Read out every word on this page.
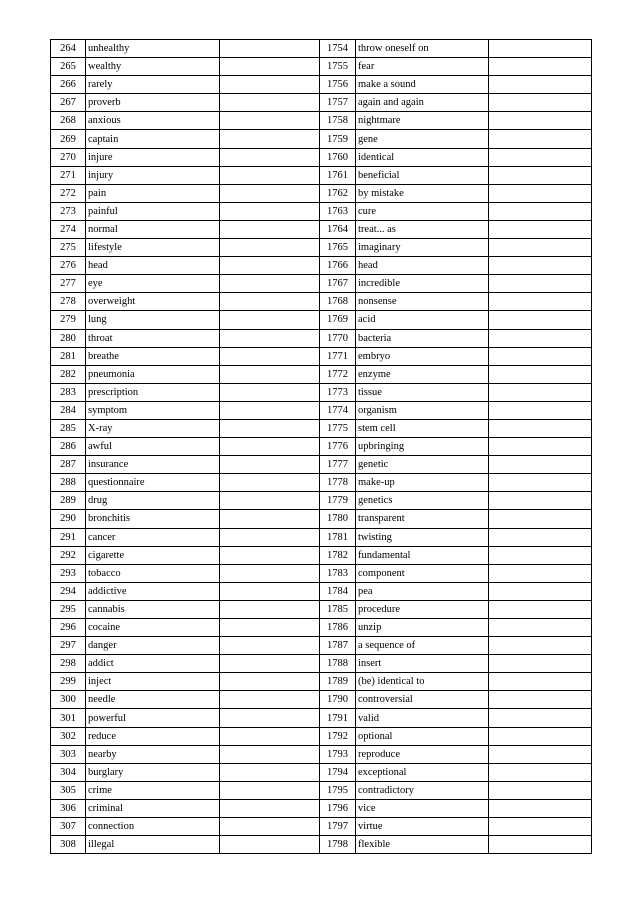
264	unhealthy		1754	throw oneself on	
265	wealthy		1755	fear	
266	rarely		1756	make a sound	
267	proverb		1757	again and again	
268	anxious		1758	nightmare	
269	captain		1759	gene	
270	injure		1760	identical	
271	injury		1761	beneficial	
272	pain		1762	by mistake	
273	painful		1763	cure	
274	normal		1764	treat... as	
275	lifestyle		1765	imaginary	
276	head		1766	head	
277	eye		1767	incredible	
278	overweight		1768	nonsense	
279	lung		1769	acid	
280	throat		1770	bacteria	
281	breathe		1771	embryo	
282	pneumonia		1772	enzyme	
283	prescription		1773	tissue	
284	symptom		1774	organism	
285	X-ray		1775	stem cell	
286	awful		1776	upbringing	
287	insurance		1777	genetic	
288	questionnaire		1778	make-up	
289	drug		1779	genetics	
290	bronchitis		1780	transparent	
291	cancer		1781	twisting	
292	cigarette		1782	fundamental	
293	tobacco		1783	component	
294	addictive		1784	pea	
295	cannabis		1785	procedure	
296	cocaine		1786	unzip	
297	danger		1787	a sequence of	
298	addict		1788	insert	
299	inject		1789	(be) identical to	
300	needle		1790	controversial	
301	powerful		1791	valid	
302	reduce		1792	optional	
303	nearby		1793	reproduce	
304	burglary		1794	exceptional	
305	crime		1795	contradictory	
306	criminal		1796	vice	
307	connection		1797	virtue	
308	illegal		1798	flexible	
